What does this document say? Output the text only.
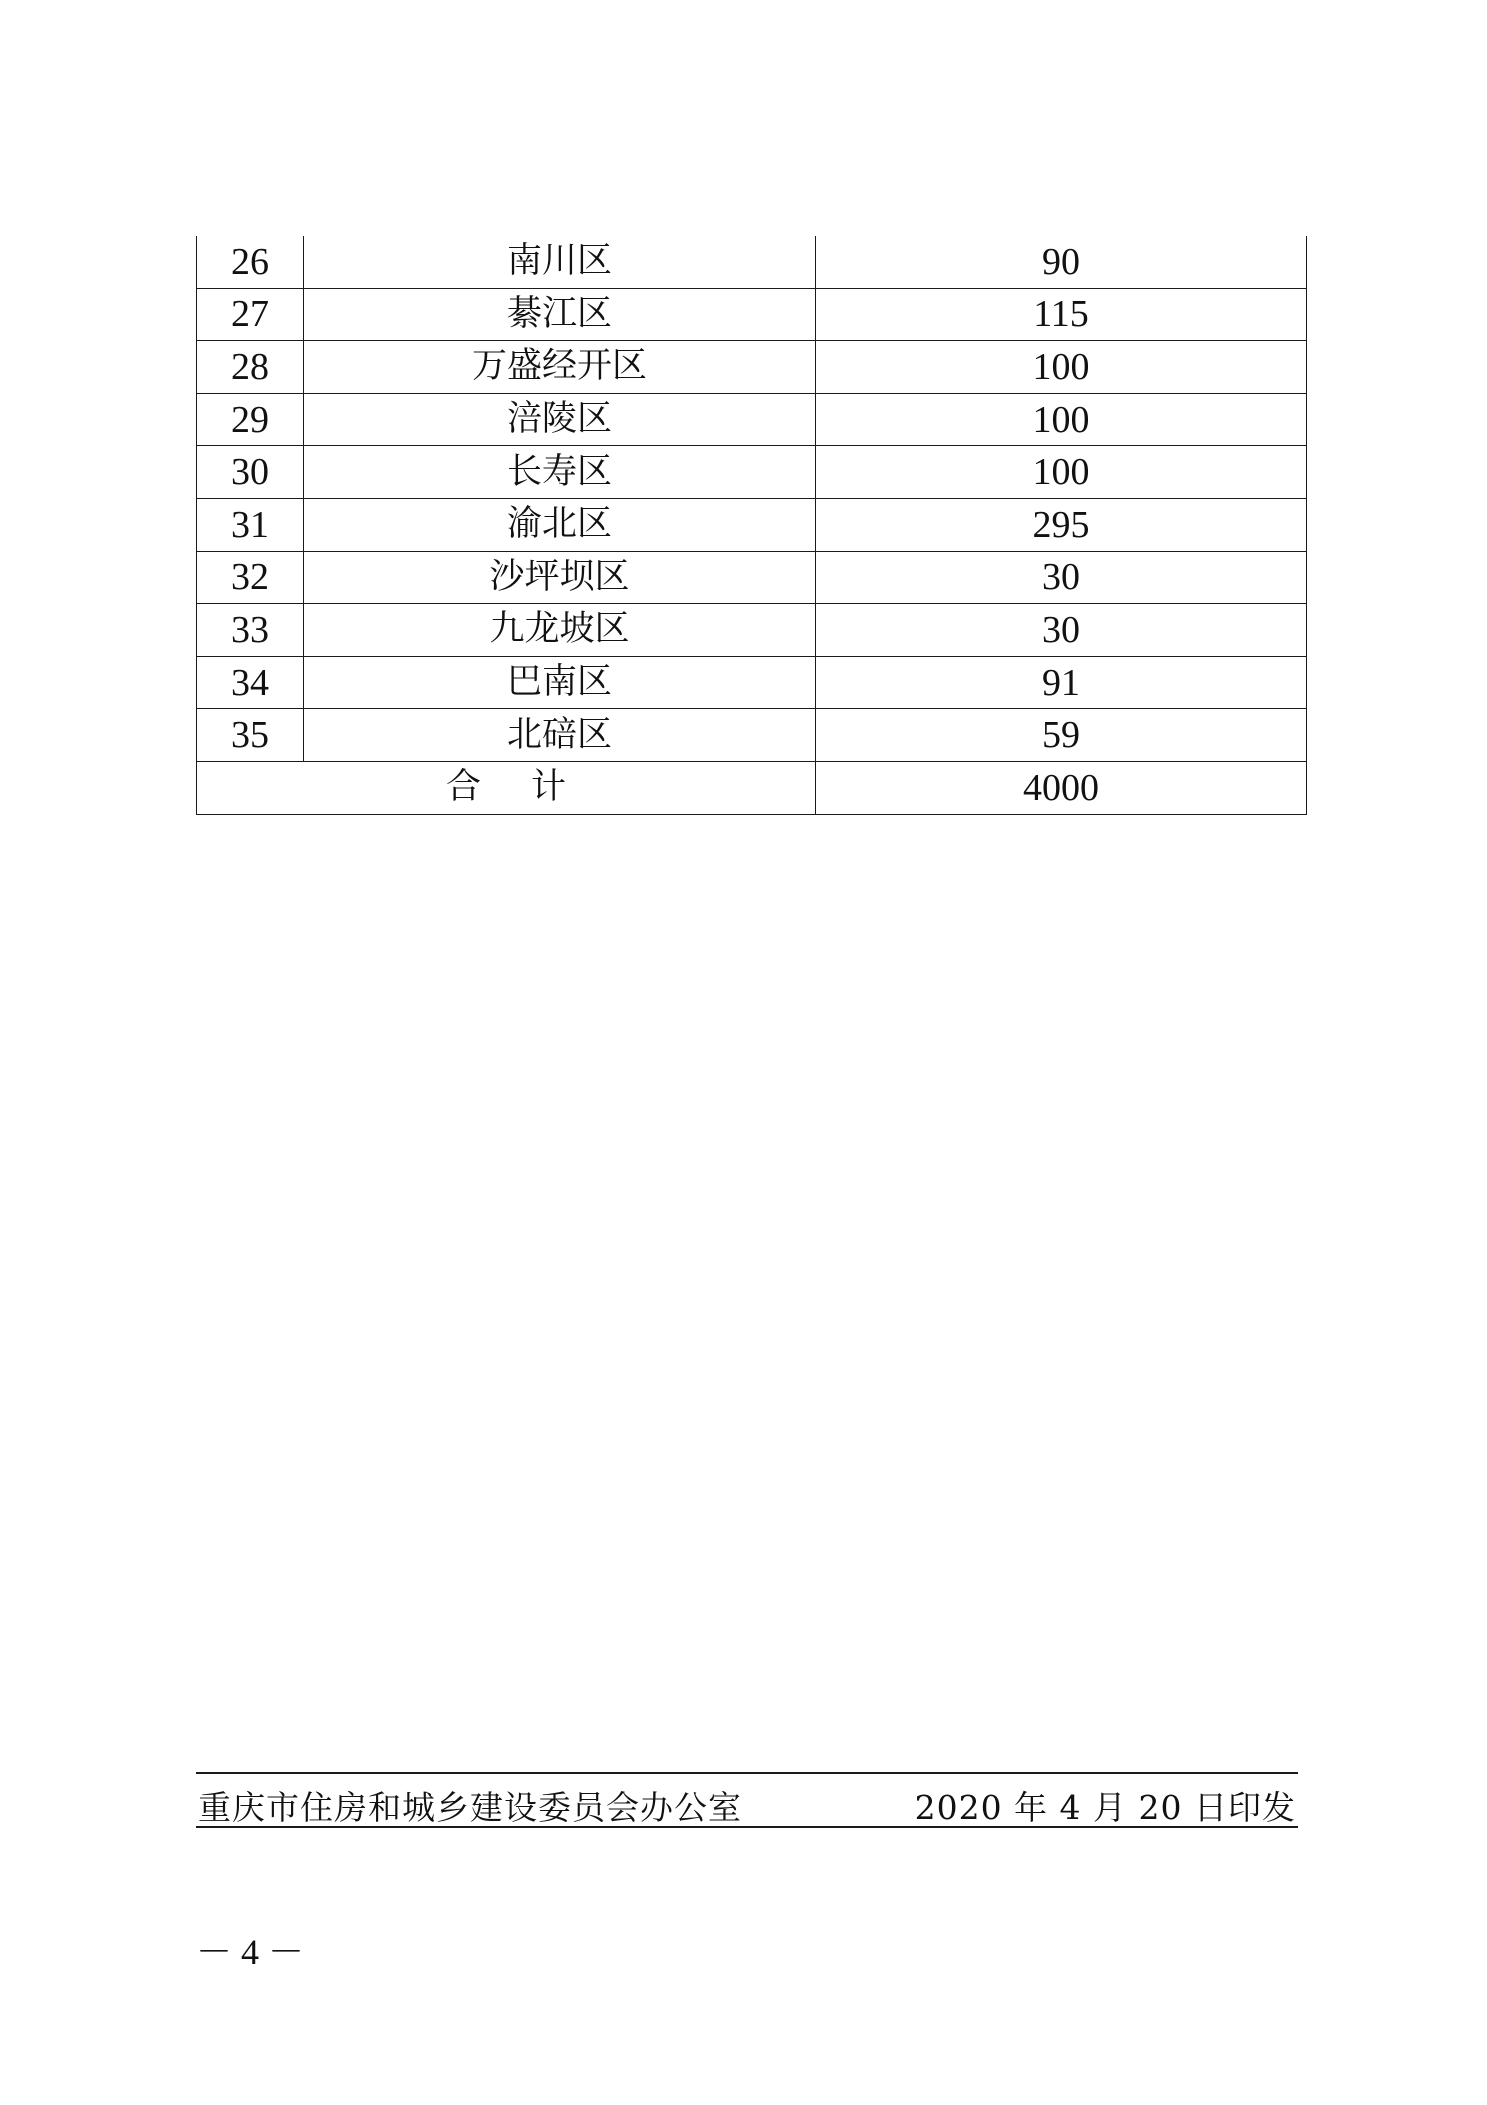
26	南川区	90
27	綦江区	115
28	万盛经开区	100
29	涪陵区	100
30	长寿区	100
31	渝北区	295
32	沙坪坝区	30
33	九龙坡区	30
34	巴南区	91
35	北碚区	59
合计		4000
重庆市住房和城乡建设委员会办公室	2020 年 4 月 20 日印发
－ 4 －
